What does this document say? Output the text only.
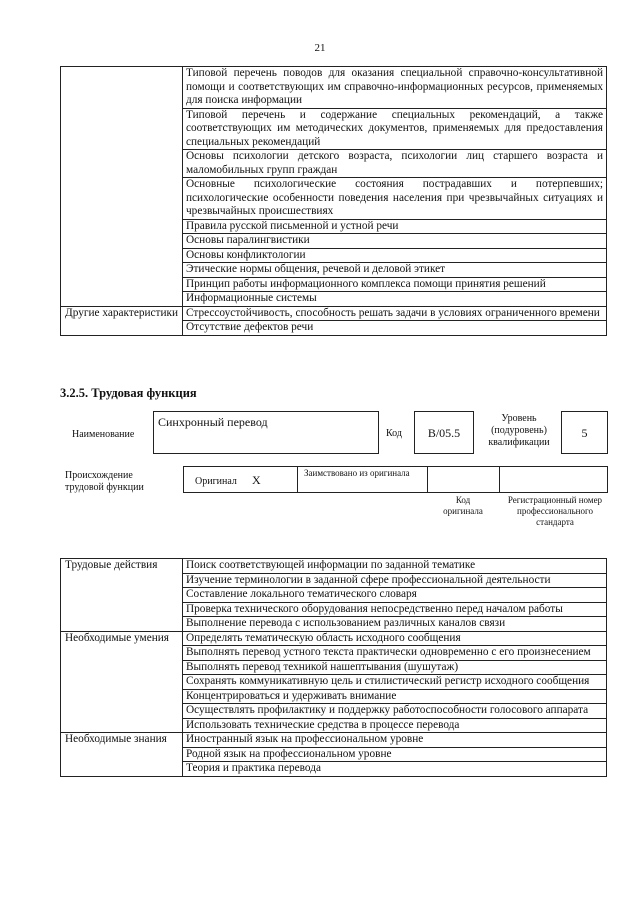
21
	Типовой перечень поводов для оказания специальной справочно-консультативной помощи и соответствующих им справочно-информационных ресурсов, применяемых для поиска информации
	Типовой перечень и содержание специальных рекомендаций, а также соответствующих им методических документов, применяемых для предоставления специальных рекомендаций
	Основы психологии детского возраста, психологии лиц старшего возраста и маломобильных групп граждан
	Основные психологические состояния пострадавших и потерпевших; психологические особенности поведения населения при чрезвычайных ситуациях и чрезвычайных происшествиях
	Правила русской письменной и устной речи
	Основы паралингвистики
	Основы конфликтологии
	Этические нормы общения, речевой и деловой этикет
	Принцип работы информационного комплекса помощи принятия решений
	Информационные системы
Другие характеристики	Стрессоустойчивость, способность решать задачи в условиях ограниченного времени
	Отсутствие дефектов речи
3.2.5. Трудовая функция
Наименование
Синхронный перевод
Код	B/05.5
Уровень (подуровень) квалификации
5
Происхождение трудовой функции
Оригинал X	Заимствовано из оригинала
Код оригинала
Регистрационный номер профессионального стандарта
Трудовые действия	Поиск соответствующей информации по заданной тематике
	Изучение терминологии в заданной сфере профессиональной деятельности
	Составление локального тематического словаря
	Проверка технического оборудования непосредственно перед началом работы
	Выполнение перевода с использованием различных каналов связи
Необходимые умения	Определять тематическую область исходного сообщения
	Выполнять перевод устного текста практически одновременно с его произнесением
	Выполнять перевод техникой нашептывания (шушутаж)
	Сохранять коммуникативную цель и стилистический регистр исходного сообщения
	Концентрироваться и удерживать внимание
	Осуществлять профилактику и поддержку работоспособности голосового аппарата
	Использовать технические средства в процессе перевода
Необходимые знания	Иностранный язык на профессиональном уровне
	Родной язык на профессиональном уровне
	Теория и практика перевода
